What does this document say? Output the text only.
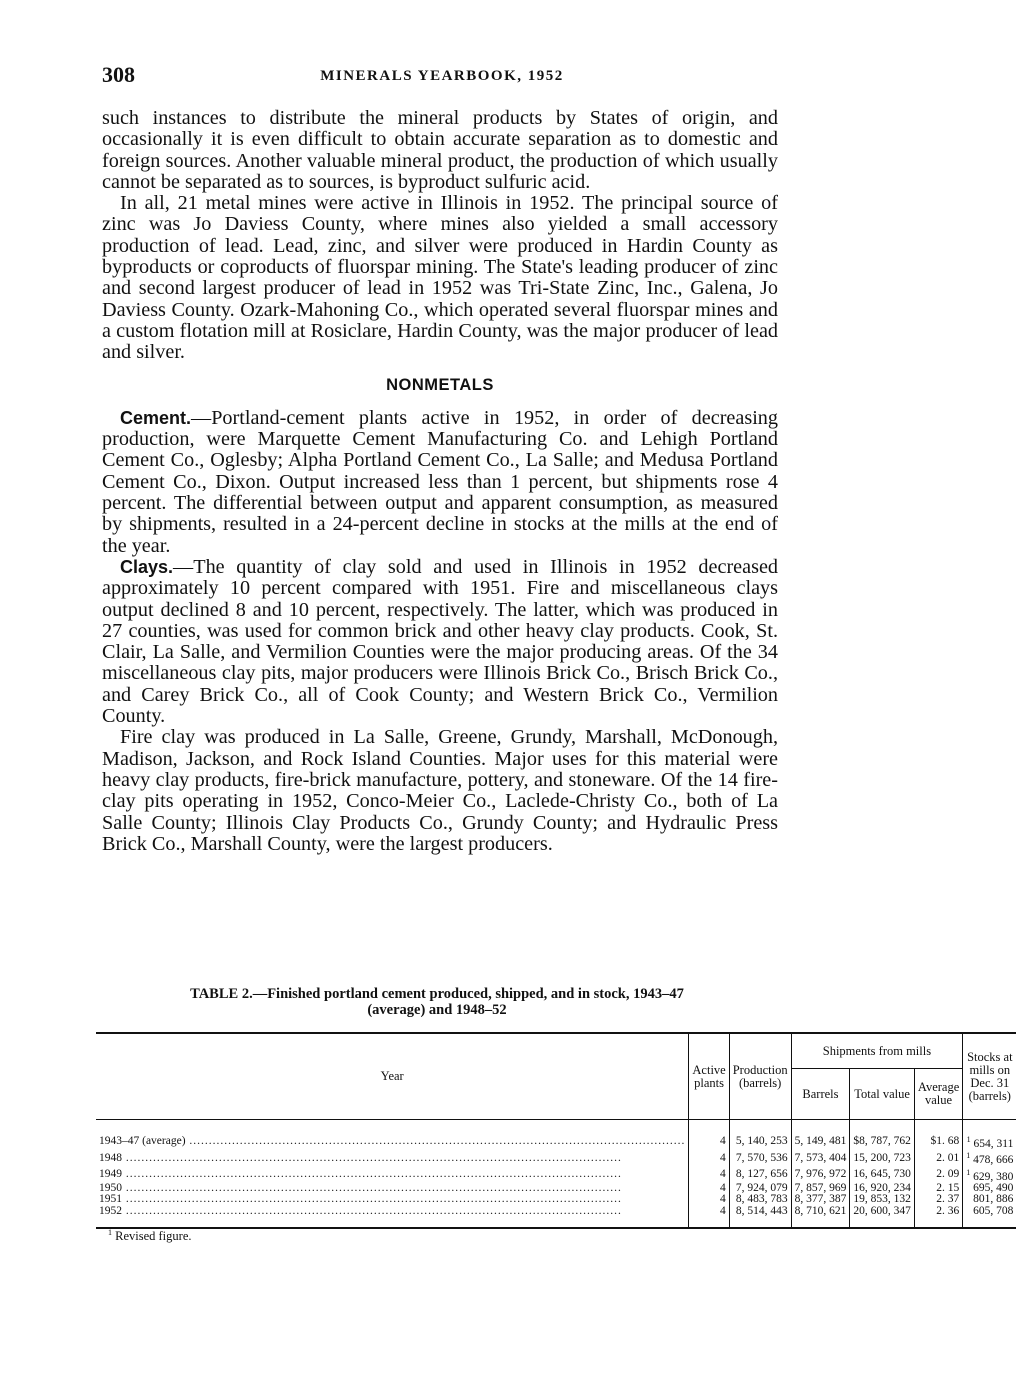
308	MINERALS YEARBOOK, 1952

such instances to distribute the mineral products by States of origin, and occasionally it is even difficult to obtain accurate separation as to domestic and foreign sources. Another valuable mineral product, the production of which usually cannot be separated as to sources, is byproduct sulfuric acid.

In all, 21 metal mines were active in Illinois in 1952. The principal source of zinc was Jo Daviess County, where mines also yielded a small accessory production of lead. Lead, zinc, and silver were produced in Hardin County as byproducts or coproducts of fluorspar mining. The State's leading producer of zinc and second largest producer of lead in 1952 was Tri-State Zinc, Inc., Galena, Jo Daviess County. Ozark-Mahoning Co., which operated several fluorspar mines and a custom flotation mill at Rosiclare, Hardin County, was the major producer of lead and silver.

NONMETALS

Cement.—Portland-cement plants active in 1952, in order of decreasing production, were Marquette Cement Manufacturing Co. and Lehigh Portland Cement Co., Oglesby; Alpha Portland Cement Co., La Salle; and Medusa Portland Cement Co., Dixon. Output increased less than 1 percent, but shipments rose 4 percent. The differential between output and apparent consumption, as measured by shipments, resulted in a 24-percent decline in stocks at the mills at the end of the year.

Clays.—The quantity of clay sold and used in Illinois in 1952 decreased approximately 10 percent compared with 1951. Fire and miscellaneous clays output declined 8 and 10 percent, respectively. The latter, which was produced in 27 counties, was used for common brick and other heavy clay products. Cook, St. Clair, La Salle, and Vermilion Counties were the major producing areas. Of the 34 miscellaneous clay pits, major producers were Illinois Brick Co., Brisch Brick Co., and Carey Brick Co., all of Cook County; and Western Brick Co., Vermilion County.

Fire clay was produced in La Salle, Greene, Grundy, Marshall, McDonough, Madison, Jackson, and Rock Island Counties. Major uses for this material were heavy clay products, fire-brick manufacture, pottery, and stoneware. Of the 14 fire-clay pits operating in 1952, Conco-Meier Co., Laclede-Christy Co., both of La Salle County; Illinois Clay Products Co., Grundy County; and Hydraulic Press Brick Co., Marshall County, were the largest producers.

TABLE 2.—Finished portland cement produced, shipped, and in stock, 1943–47
(average) and 1948–52
Year	Active plants	Production (barrels)	Shipments from mills			Stocks at mills on Dec. 31 (barrels)
			Barrels	Total value	Average value	
1943–47 (average) .....	4	5, 140, 253	5, 149, 481	$8, 787, 762	$1. 68	$^1$ 654, 311
1948 .....	4	7, 570, 536	7, 573, 404	15, 200, 723	2. 01	$^1$ 478, 666
1949 .....	4	8, 127, 656	7, 976, 972	16, 645, 730	2. 09	$^1$ 629, 380
1950 .....	4	7, 924, 079	7, 857, 969	16, 920, 234	2. 15	695, 490
1951 .....	4	8, 483, 783	8, 377, 387	19, 853, 132	2. 37	801, 886
1952 .....	4	8, 514, 443	8, 710, 621	20, 600, 347	2. 36	605, 708
$^1$ Revised figure.
